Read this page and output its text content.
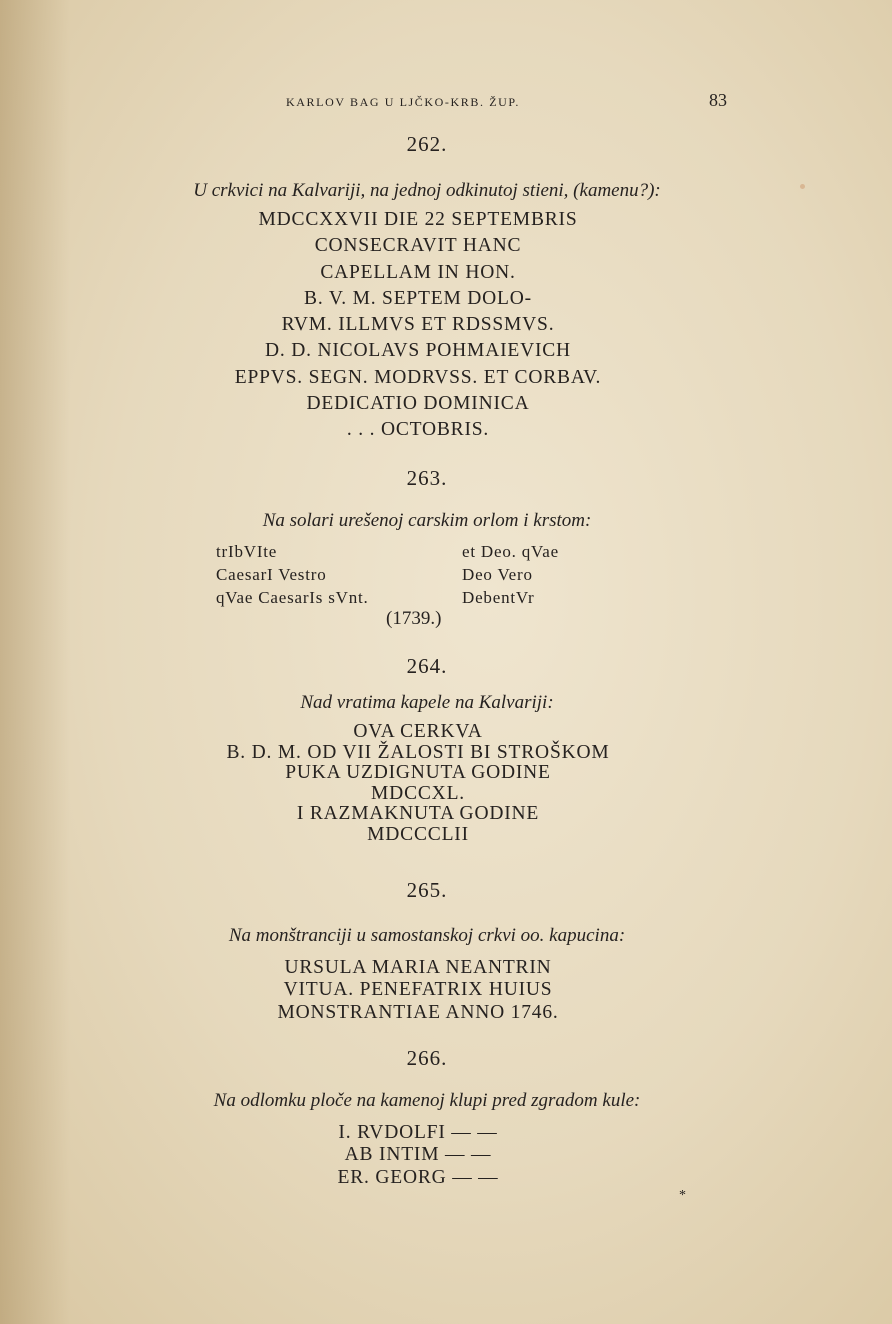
KARLOV BAG U LJČKO-KRB. ŽUP.	83
262.
U crkvici na Kalvariji, na jednoj odkinutoj stieni, (kamenu?):
MDCCXXVII DIE 22 SEPTEMBRIS
CONSECRAVIT HANC
CAPELLAM IN HON.
B. V. M. SEPTEM DOLO-
RVM. ILLMVS ET RDSSMVS.
D. D. NICOLAVS POHMAIEVICH
EPPVS. SEGN. MODRVSS. ET CORBAV.
DEDICATIO DOMINICA
. . . OCTOBRIS.
263.
Na solari urešenoj carskim orlom i krstom:
trIbVIte
CaesarI Vestro
qVae CaesarIs sVnt.
et Deo. qVae
Deo Vero
DebentVr
(1739.)
264.
Nad vratima kapele na Kalvariji:
OVA CERKVA
B. D. M. OD VII ŽALOSTI BI STROŠKOM
PUKA UZDIGNUTA GODINE
MDCCXL.
I RAZMAKNUTA GODINE
MDCCCLII
265.
Na monštranciji u samostanskoj crkvi oo. kapucina:
URSULA MARIA NEANTRIN
VITUA. PENEFATRIX HUIUS
MONSTRANTIAE ANNO 1746.
266.
Na odlomku ploče na kamenoj klupi pred zgradom kule:
I. RVDOLFI — —
AB INTIM — —
ER. GEORG — —
*
